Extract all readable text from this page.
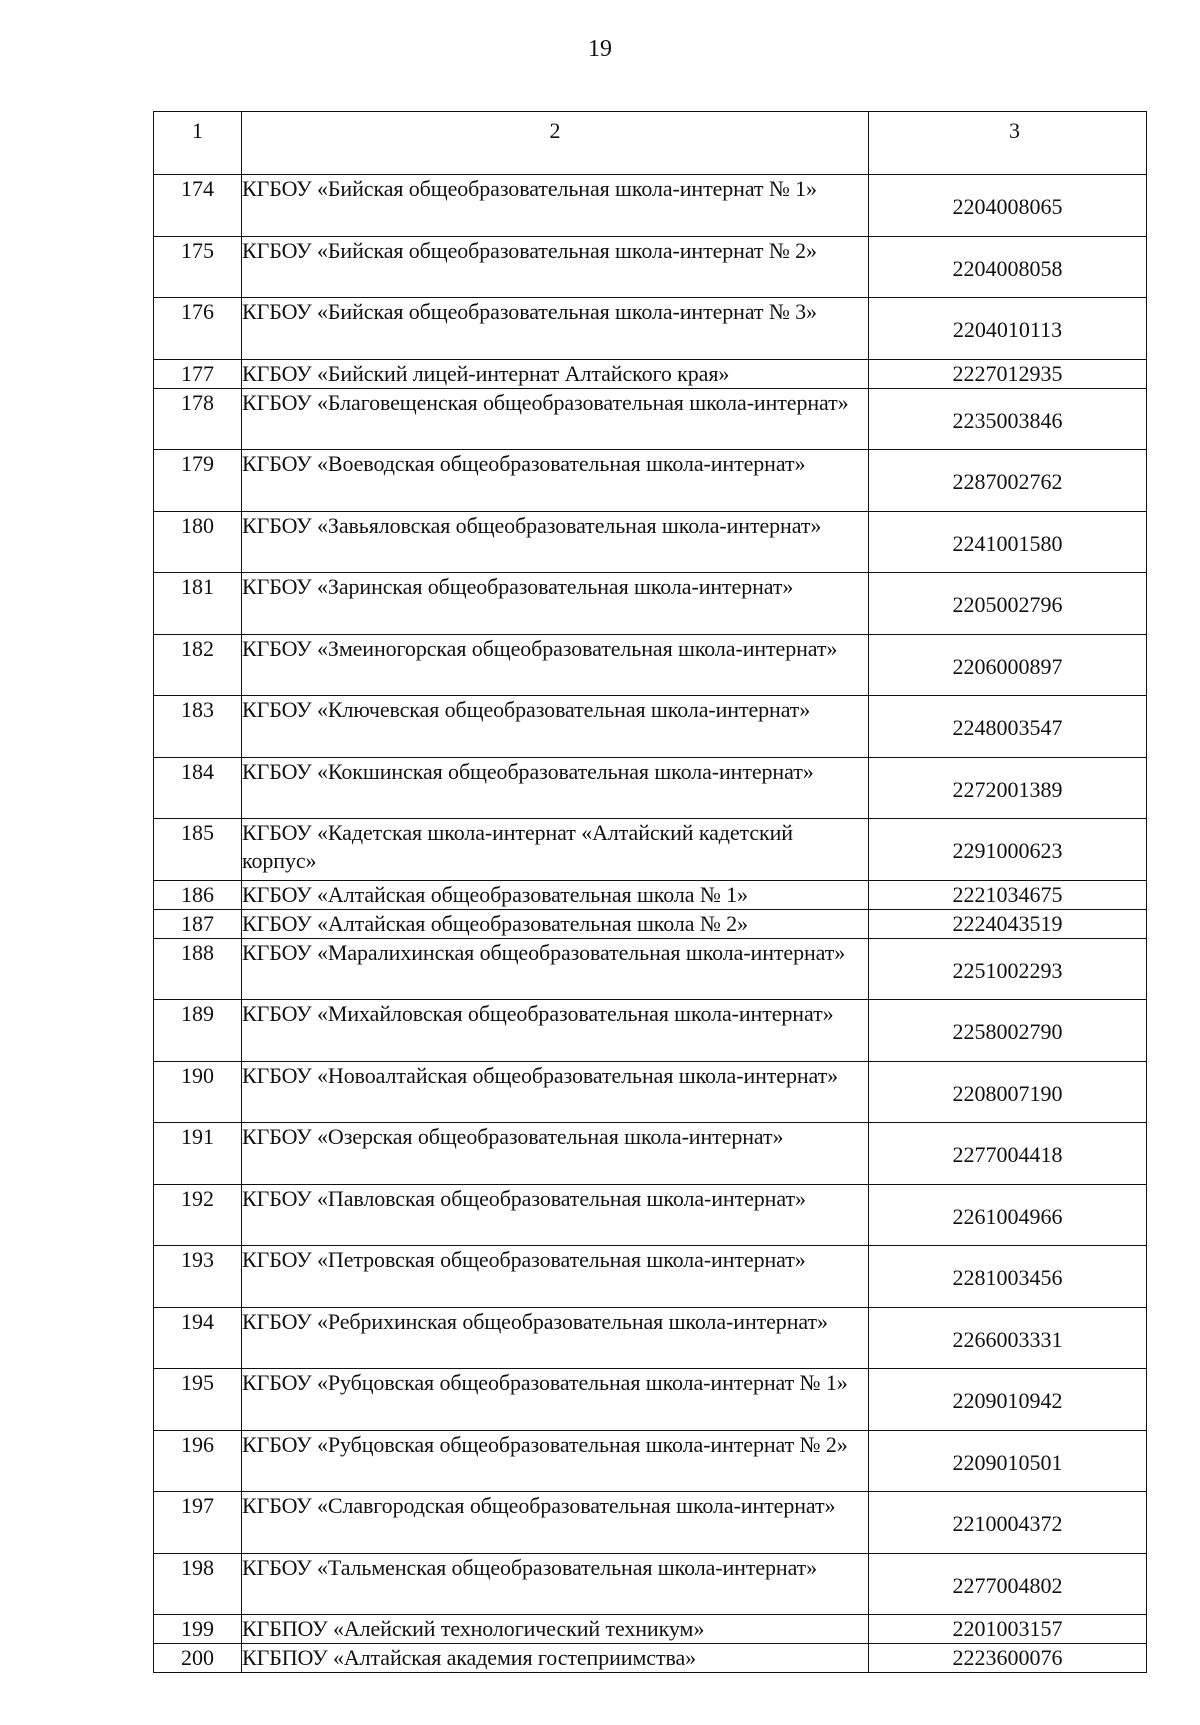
19
1	2	3
174	КГБОУ «Бийская общеобразовательная школа-интернат № 1»	2204008065
175	КГБОУ «Бийская общеобразовательная школа-интернат № 2»	2204008058
176	КГБОУ «Бийская общеобразовательная школа-интернат № 3»	2204010113
177	КГБОУ «Бийский лицей-интернат Алтайского края»	2227012935
178	КГБОУ «Благовещенская общеобразовательная школа-интернат»	2235003846
179	КГБОУ «Воеводская общеобразовательная школа-интернат»	2287002762
180	КГБОУ «Завьяловская общеобразовательная школа-интернат»	2241001580
181	КГБОУ «Заринская общеобразовательная школа-интернат»	2205002796
182	КГБОУ «Змеиногорская общеобразовательная школа-интернат»	2206000897
183	КГБОУ «Ключевская общеобразовательная школа-интернат»	2248003547
184	КГБОУ «Кокшинская общеобразовательная школа-интернат»	2272001389
185	КГБОУ «Кадетская школа-интернат «Алтайский кадетский корпус»	2291000623
186	КГБОУ «Алтайская общеобразовательная школа № 1»	2221034675
187	КГБОУ «Алтайская общеобразовательная школа № 2»	2224043519
188	КГБОУ «Маралихинская общеобразовательная школа-интернат»	2251002293
189	КГБОУ «Михайловская общеобразовательная школа-интернат»	2258002790
190	КГБОУ «Новоалтайская общеобразовательная школа-интернат»	2208007190
191	КГБОУ «Озерская общеобразовательная школа-интернат»	2277004418
192	КГБОУ «Павловская общеобразовательная школа-интернат»	2261004966
193	КГБОУ «Петровская общеобразовательная школа-интернат»	2281003456
194	КГБОУ «Ребрихинская общеобразовательная школа-интернат»	2266003331
195	КГБОУ «Рубцовская общеобразовательная школа-интернат № 1»	2209010942
196	КГБОУ «Рубцовская общеобразовательная школа-интернат № 2»	2209010501
197	КГБОУ «Славгородская общеобразовательная школа-интернат»	2210004372
198	КГБОУ «Тальменская общеобразовательная школа-интернат»	2277004802
199	КГБПОУ «Алейский технологический техникум»	2201003157
200	КГБПОУ «Алтайская академия гостеприимства»	2223600076
